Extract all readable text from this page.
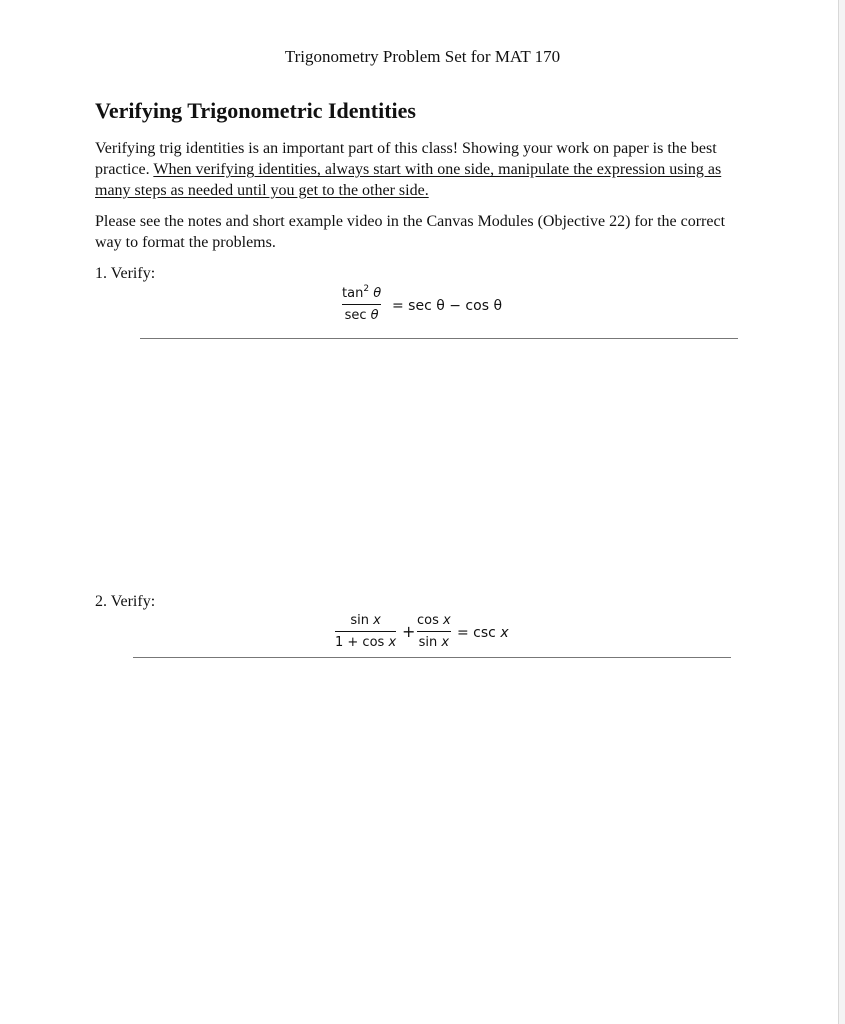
Trigonometry Problem Set for MAT 170
Verifying Trigonometric Identities

Verifying trig identities is an important part of this class! Showing your work on paper is the best practice. When verifying identities, always start with one side, manipulate the expression using as many steps as needed until you get to the other side.

Please see the notes and short example video in the Canvas Modules (Objective 22) for the correct way to format the problems.

1. Verify:
$\tan^2 \theta$
sec θ
= sec θ − cos θ
2. Verify:
sin x
1 + cos x
+
cos x
sin x
= csc x
